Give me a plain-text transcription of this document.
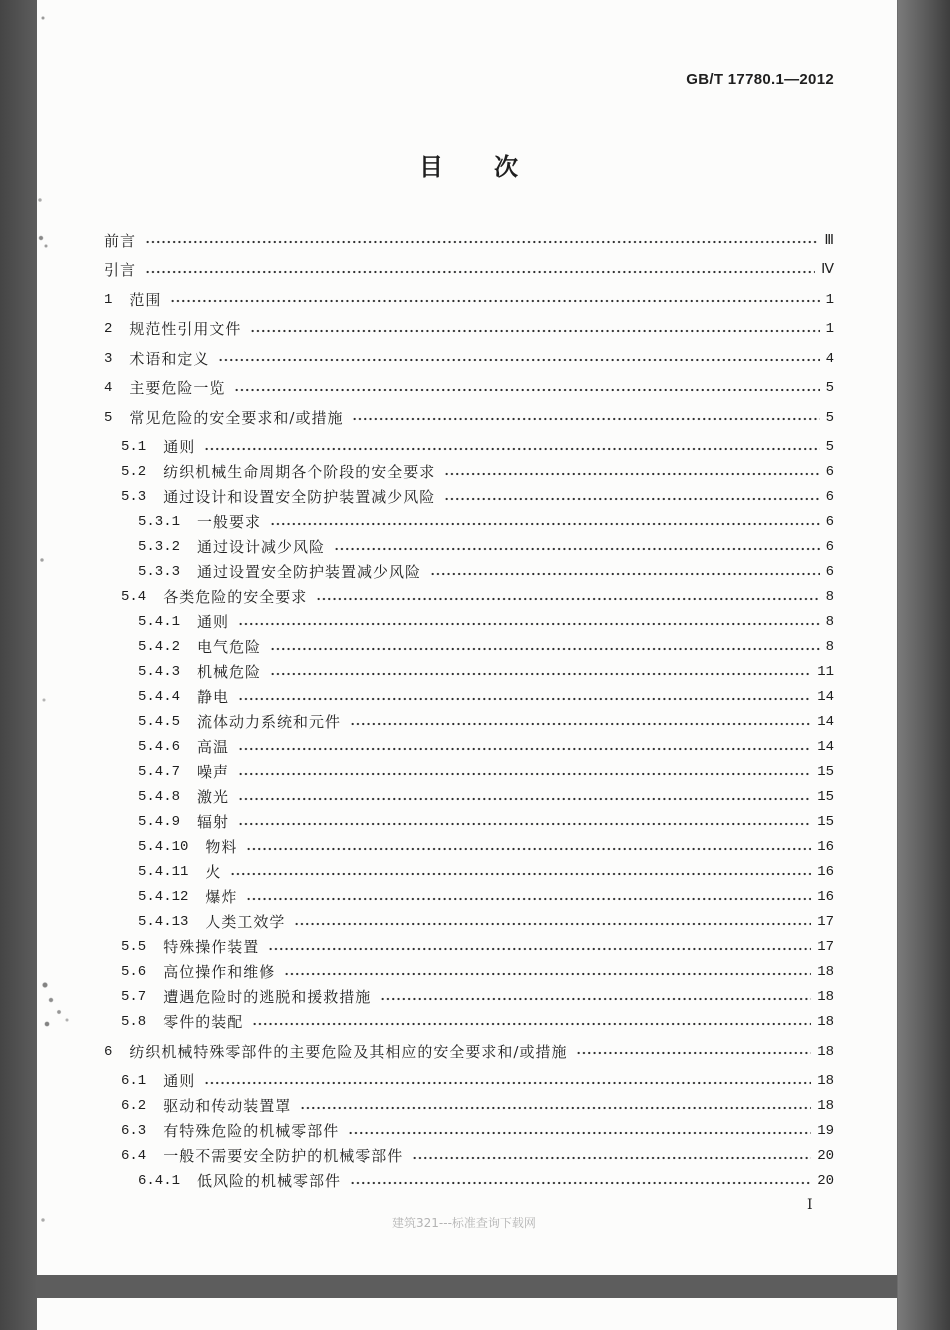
GB/T 17780.1—2012
目　次
前言	Ⅲ
引言	Ⅳ
1 范围	1
2 规范性引用文件	1
3 术语和定义	4
4 主要危险一览	5
5 常见危险的安全要求和/或措施	5
5.1 通则	5
5.2 纺织机械生命周期各个阶段的安全要求	6
5.3 通过设计和设置安全防护装置减少风险	6
5.3.1 一般要求	6
5.3.2 通过设计减少风险	6
5.3.3 通过设置安全防护装置减少风险	6
5.4 各类危险的安全要求	8
5.4.1 通则	8
5.4.2 电气危险	8
5.4.3 机械危险	11
5.4.4 静电	14
5.4.5 流体动力系统和元件	14
5.4.6 高温	14
5.4.7 噪声	15
5.4.8 激光	15
5.4.9 辐射	15
5.4.10 物料	16
5.4.11 火	16
5.4.12 爆炸	16
5.4.13 人类工效学	17
5.5 特殊操作装置	17
5.6 高位操作和维修	18
5.7 遭遇危险时的逃脱和援救措施	18
5.8 零件的装配	18
6 纺织机械特殊零部件的主要危险及其相应的安全要求和/或措施	18
6.1 通则	18
6.2 驱动和传动装置罩	18
6.3 有特殊危险的机械零部件	19
6.4 一般不需要安全防护的机械零部件	20
6.4.1 低风险的机械零部件	20
I
建筑321---标准查询下载网
